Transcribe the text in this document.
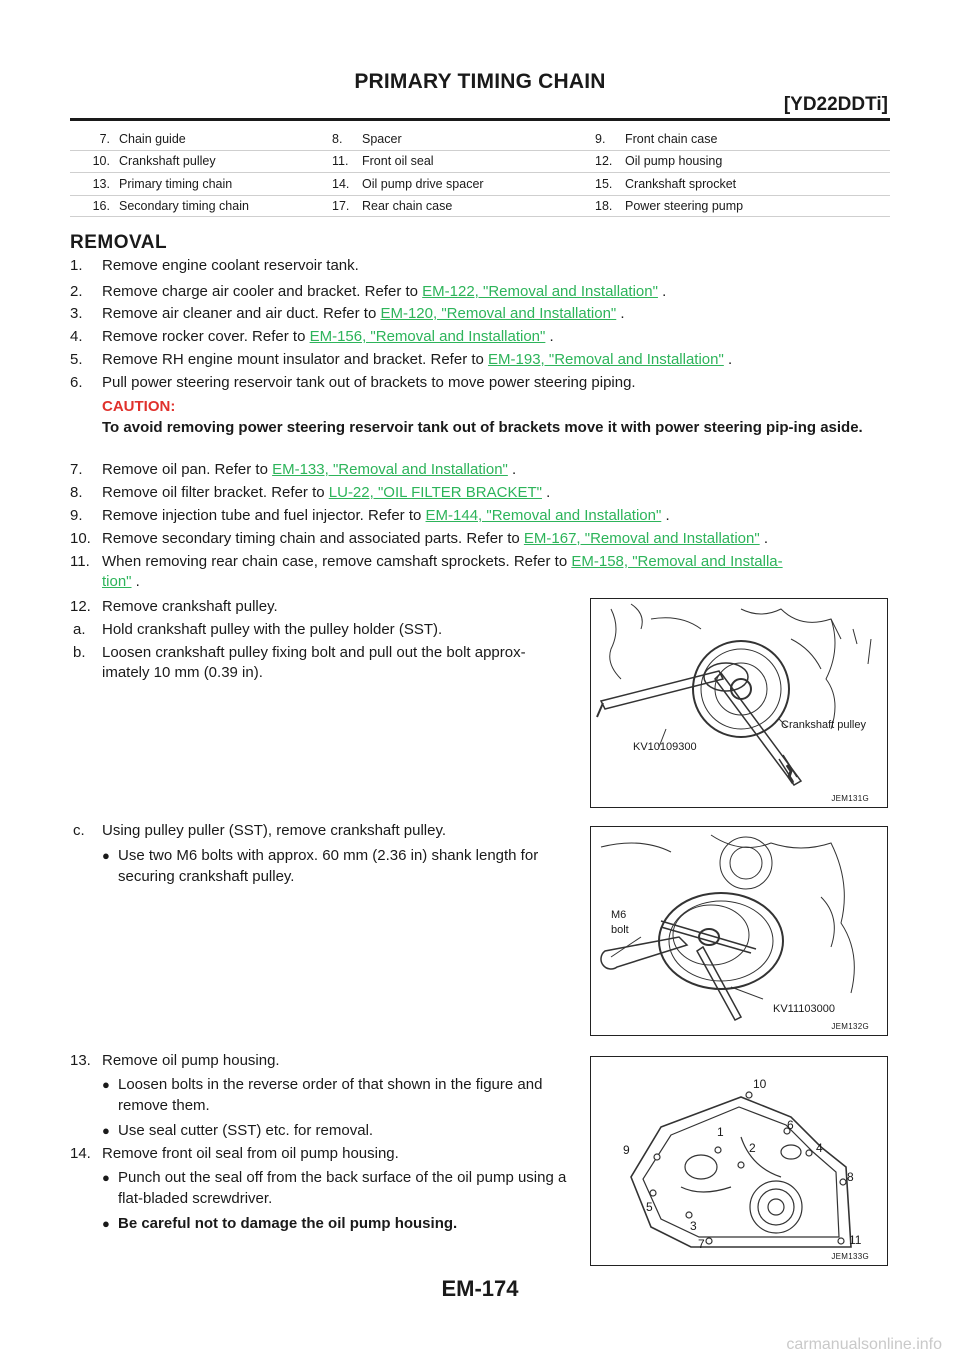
PRIMARY TIMING CHAIN
[YD22DDTi]
7. Chain guide	8.	Spacer	9.	Front chain case
10. Crankshaft pulley	11.	Front oil seal	12.	Oil pump housing
13. Primary timing chain	14.	Oil pump drive spacer	15.	Crankshaft sprocket
16. Secondary timing chain	17.	Rear chain case	18.	Power steering pump
REMOVAL
1. Remove engine coolant reservoir tank.
2. Remove charge air cooler and bracket. Refer to EM-122, "Removal and Installation" .
3. Remove air cleaner and air duct. Refer to EM-120, "Removal and Installation" .
4. Remove rocker cover. Refer to EM-156, "Removal and Installation" .
5. Remove RH engine mount insulator and bracket. Refer to EM-193, "Removal and Installation" .
6. Pull power steering reservoir tank out of brackets to move power steering piping.
CAUTION:
To avoid removing power steering reservoir tank out of brackets move it with power steering pip-ing aside.
7. Remove oil pan. Refer to EM-133, "Removal and Installation" .
8. Remove oil filter bracket. Refer to LU-22, "OIL FILTER BRACKET" .
9. Remove injection tube and fuel injector. Refer to EM-144, "Removal and Installation" .
10. Remove secondary timing chain and associated parts. Refer to EM-167, "Removal and Installation" .
11. When removing rear chain case, remove camshaft sprockets. Refer to EM-158, "Removal and Installa-
tion" .
12. Remove crankshaft pulley.
a. Hold crankshaft pulley with the pulley holder (SST).
b. Loosen crankshaft pulley fixing bolt and pull out the bolt approx-
imately 10 mm (0.39 in).
Crankshaft pulley
KV10109300
JEM131G
c. Using pulley puller (SST), remove crankshaft pulley.
● Use two M6 bolts with approx. 60 mm (2.36 in) shank length for securing crankshaft pulley.
M6
bolt
KV11103000
JEM132G
13. Remove oil pump housing.
● Loosen bolts in the reverse order of that shown in the figure and remove them.
● Use seal cutter (SST) etc. for removal.
14. Remove front oil seal from oil pump housing.
● Punch out the seal off from the back surface of the oil pump using a flat-bladed screwdriver.
● Be careful not to damage the oil pump housing.
10
1	6
9	2	4
8
5
3
7	11
JEM133G
EM-174
carmanualsonline.info
